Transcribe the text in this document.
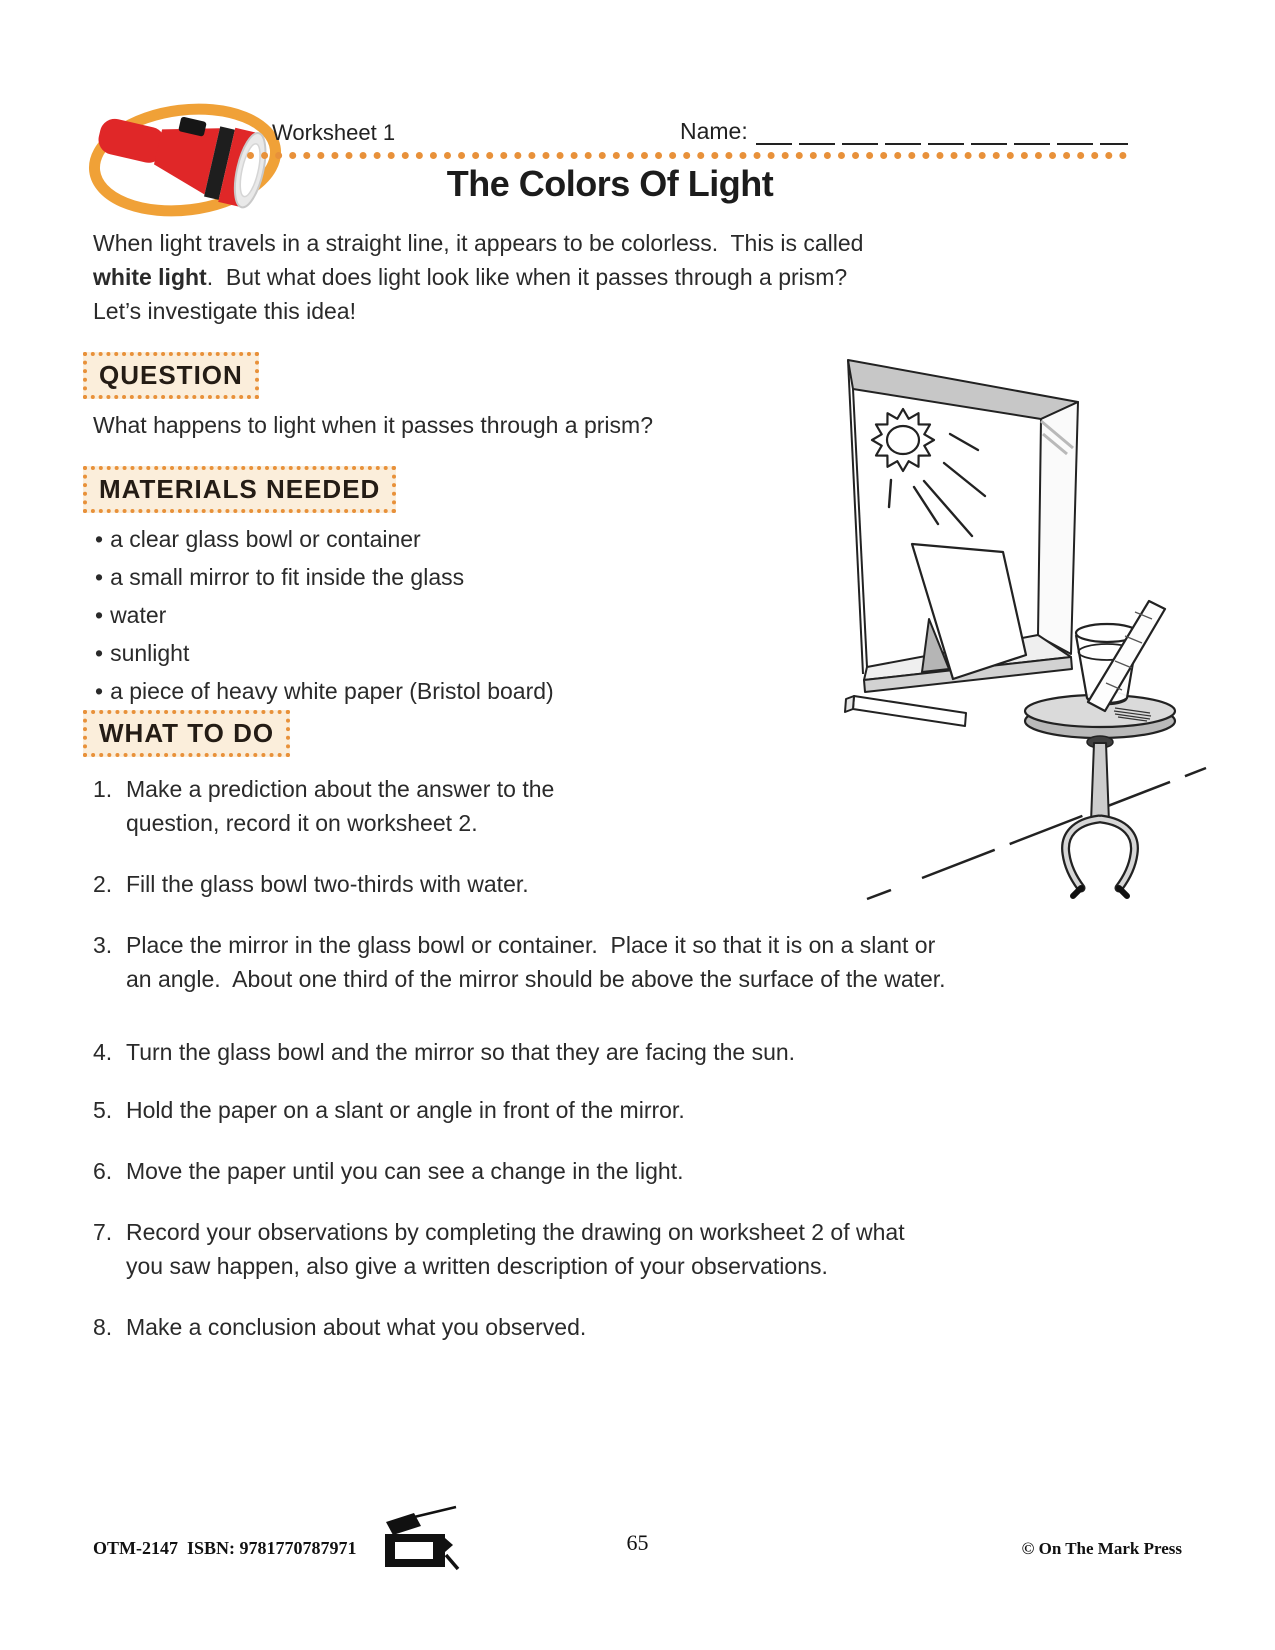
Worksheet 1	Name:
The Colors Of Light

When light travels in a straight line, it appears to be colorless.  This is called
white light.  But what does light look like when it passes through a prism?
Let’s investigate this idea!

QUESTION
What happens to light when it passes through a prism?
MATERIALS NEEDED
• a clear glass bowl or container
• a small mirror to fit inside the glass
• water
• sunlight
• a piece of heavy white paper (Bristol board)
WHAT TO DO
1. Make a prediction about the answer to the
question, record it on worksheet 2.
2. Fill the glass bowl two-thirds with water.
3. Place the mirror in the glass bowl or container.  Place it so that it is on a slant or
an angle.  About one third of the mirror should be above the surface of the water.
4. Turn the glass bowl and the mirror so that they are facing the sun.
5. Hold the paper on a slant or angle in front of the mirror.
6. Move the paper until you can see a change in the light.
7. Record your observations by completing the drawing on worksheet 2 of what
you saw happen, also give a written description of your observations.
8. Make a conclusion about what you observed.
OTM-2147  ISBN: 9781770787971	65	© On The Mark Press
